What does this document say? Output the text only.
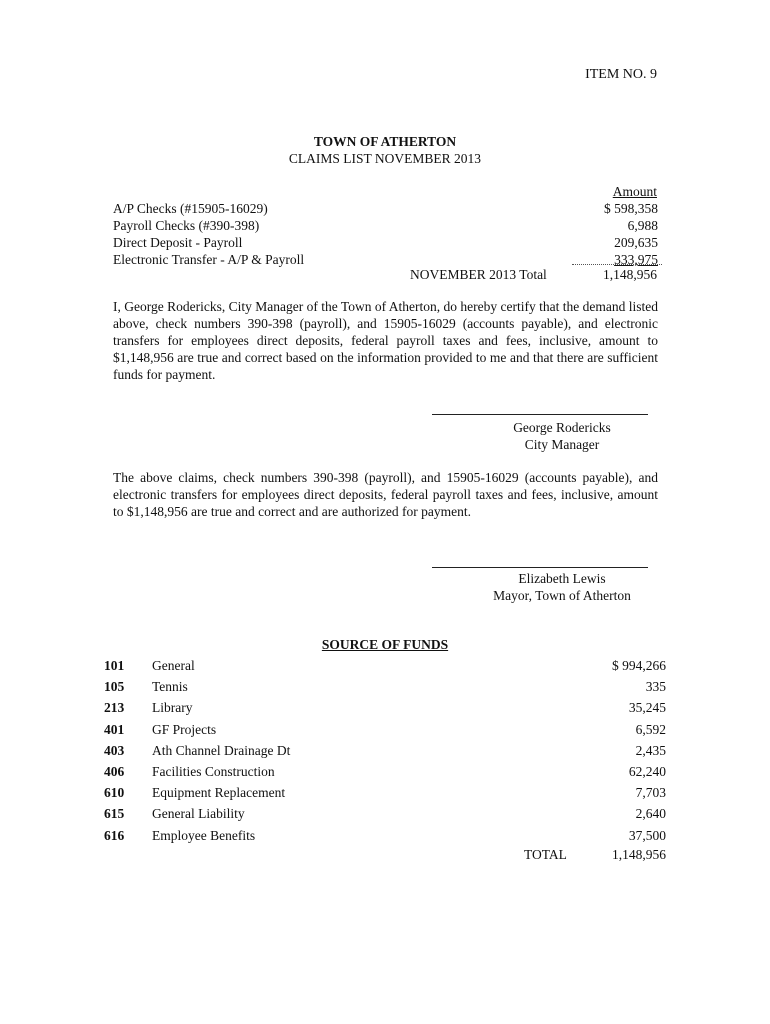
ITEM NO. 9
TOWN OF ATHERTON
CLAIMS LIST NOVEMBER 2013
Amount
A/P Checks (#15905-16029)	$ 598,358
Payroll Checks (#390-398)	6,988
Direct Deposit - Payroll	209,635
Electronic Transfer - A/P & Payroll	333,975
NOVEMBER 2013 Total	1,148,956
I, George Rodericks, City Manager of the Town of Atherton, do hereby certify that the demand listed above, check numbers 390-398 (payroll), and 15905-16029 (accounts payable), and electronic transfers for employees direct deposits, federal payroll taxes and fees, inclusive, amount to $1,148,956 are true and correct based on the information provided to me and that there are sufficient funds for payment.
George Rodericks
City Manager
The above claims, check numbers 390-398 (payroll), and 15905-16029 (accounts payable), and electronic transfers for employees direct deposits, federal payroll taxes and fees, inclusive, amount to $1,148,956 are true and correct and are authorized for payment.
Elizabeth Lewis
Mayor, Town of Atherton
SOURCE OF FUNDS
101	General	$ 994,266
105	Tennis	335
213	Library	35,245
401	GF Projects	6,592
403	Ath Channel Drainage Dt	2,435
406	Facilities Construction	62,240
610	Equipment Replacement	7,703
615	General Liability	2,640
616	Employee Benefits	37,500
TOTAL	1,148,956
